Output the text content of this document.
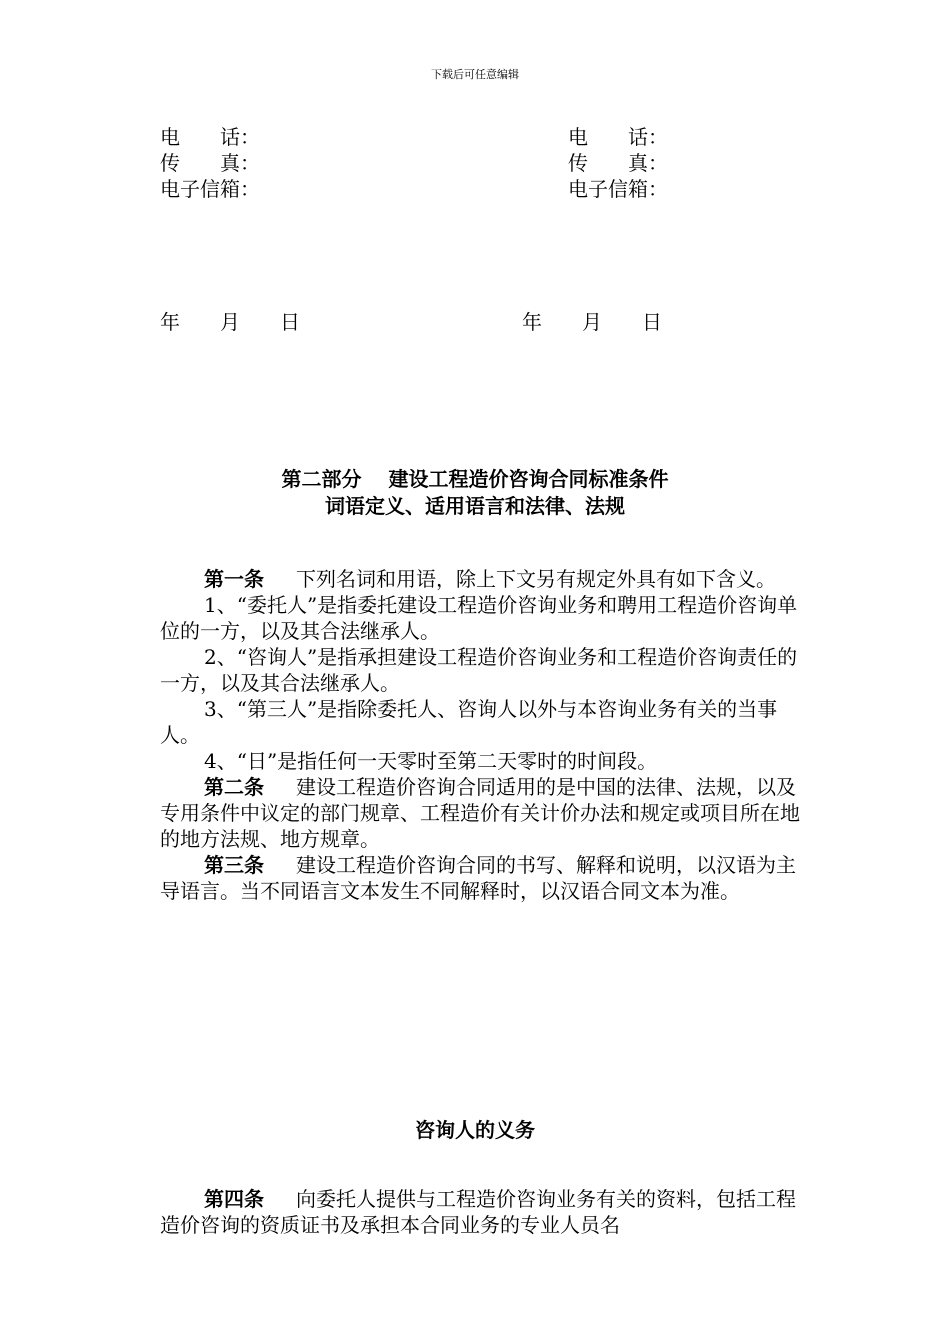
下载后可任意编辑
电　　话：
传　　真：
电子信箱：
电　　话：
传　　真：
电子信箱：
年　　月　　日	年　　月　　日
第二部分　 建设工程造价咨询合同标准条件
词语定义、适用语言和法律、法规

第一条 下列名词和用语，除上下文另有规定外具有如下含义。

1、“委托人”是指委托建设工程造价咨询业务和聘用工程造价咨询单位的一方，以及其合法继承人。

2、“咨询人”是指承担建设工程造价咨询业务和工程造价咨询责任的一方，以及其合法继承人。

3、“第三人”是指除委托人、咨询人以外与本咨询业务有关的当事人。

4、“日”是指任何一天零时至第二天零时的时间段。

第二条 建设工程造价咨询合同适用的是中国的法律、法规，以及专用条件中议定的部门规章、工程造价有关计价办法和规定或项目所在地的地方法规、地方规章。

第三条 建设工程造价咨询合同的书写、解释和说明，以汉语为主导语言。当不同语言文本发生不同解释时，以汉语合同文本为准。

咨询人的义务

第四条 向委托人提供与工程造价咨询业务有关的资料，包括工程造价咨询的资质证书及承担本合同业务的专业人员名
